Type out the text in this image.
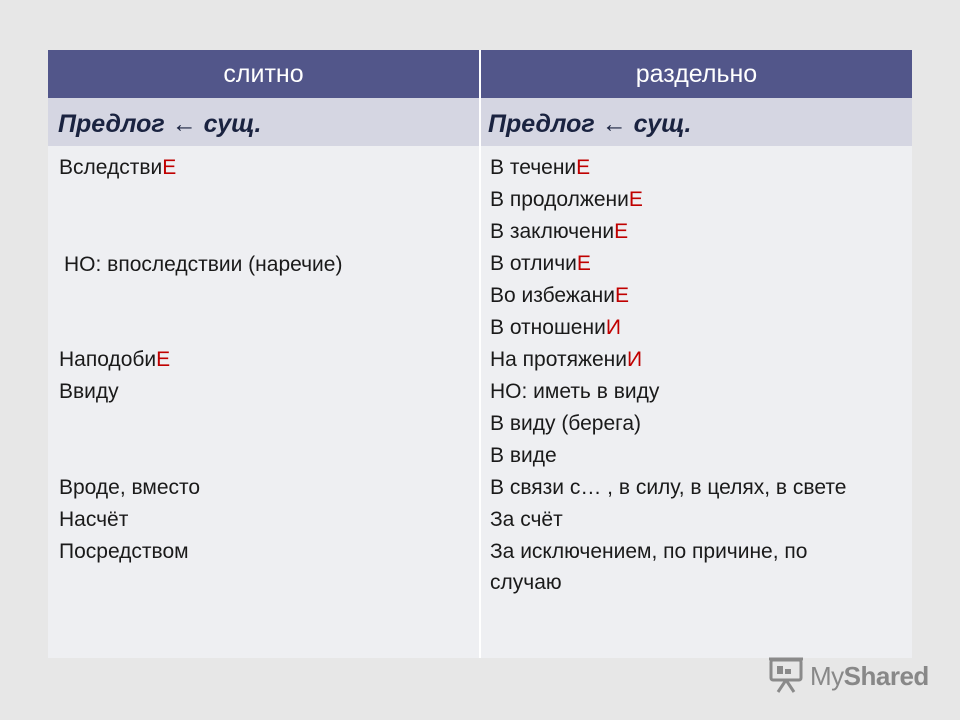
слитно	раздельно
Предлог ← сущ.	Предлог ← сущ.
ВследствиЕ
НО: впоследствии (наречие)
НаподобиЕ
Ввиду
Вроде, вместо
Насчёт
Посредством
В течениЕ
В продолжениЕ
В заключениЕ
В отличиЕ
Во избежаниЕ
В отношениИ
На протяжениИ
НО: иметь в виду
В виду (берега)
В виде
В связи с… , в силу, в целях, в свете
За счёт
За исключением, по причине, по
случаю
MyShared
